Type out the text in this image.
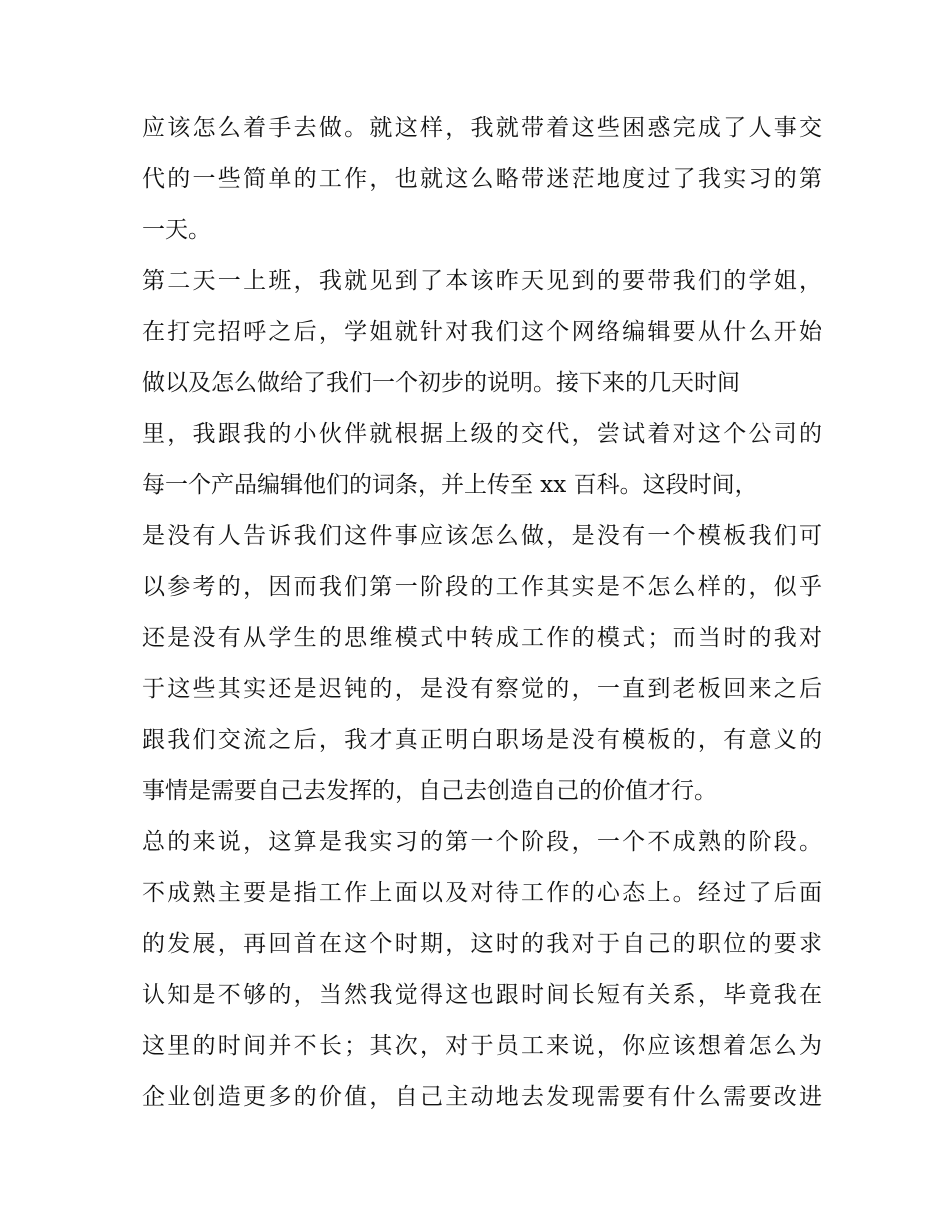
应该怎么着手去做。就这样，我就带着这些困惑完成了人事交
代的一些简单的工作，也就这么略带迷茫地度过了我实习的第
一天。
第二天一上班，我就见到了本该昨天见到的要带我们的学姐，
在打完招呼之后，学姐就针对我们这个网络编辑要从什么开始
做以及怎么做给了我们一个初步的说明。接下来的几天时间
里，我跟我的小伙伴就根据上级的交代，尝试着对这个公司的
每一个产品编辑他们的词条，并上传至 xx 百科。这段时间，
是没有人告诉我们这件事应该怎么做，是没有一个模板我们可
以参考的，因而我们第一阶段的工作其实是不怎么样的，似乎
还是没有从学生的思维模式中转成工作的模式；而当时的我对
于这些其实还是迟钝的，是没有察觉的，一直到老板回来之后
跟我们交流之后，我才真正明白职场是没有模板的，有意义的
事情是需要自己去发挥的，自己去创造自己的价值才行。
总的来说，这算是我实习的第一个阶段，一个不成熟的阶段。
不成熟主要是指工作上面以及对待工作的心态上。经过了后面
的发展，再回首在这个时期，这时的我对于自己的职位的要求
认知是不够的，当然我觉得这也跟时间长短有关系，毕竟我在
这里的时间并不长；其次，对于员工来说，你应该想着怎么为
企业创造更多的价值，自己主动地去发现需要有什么需要改进
